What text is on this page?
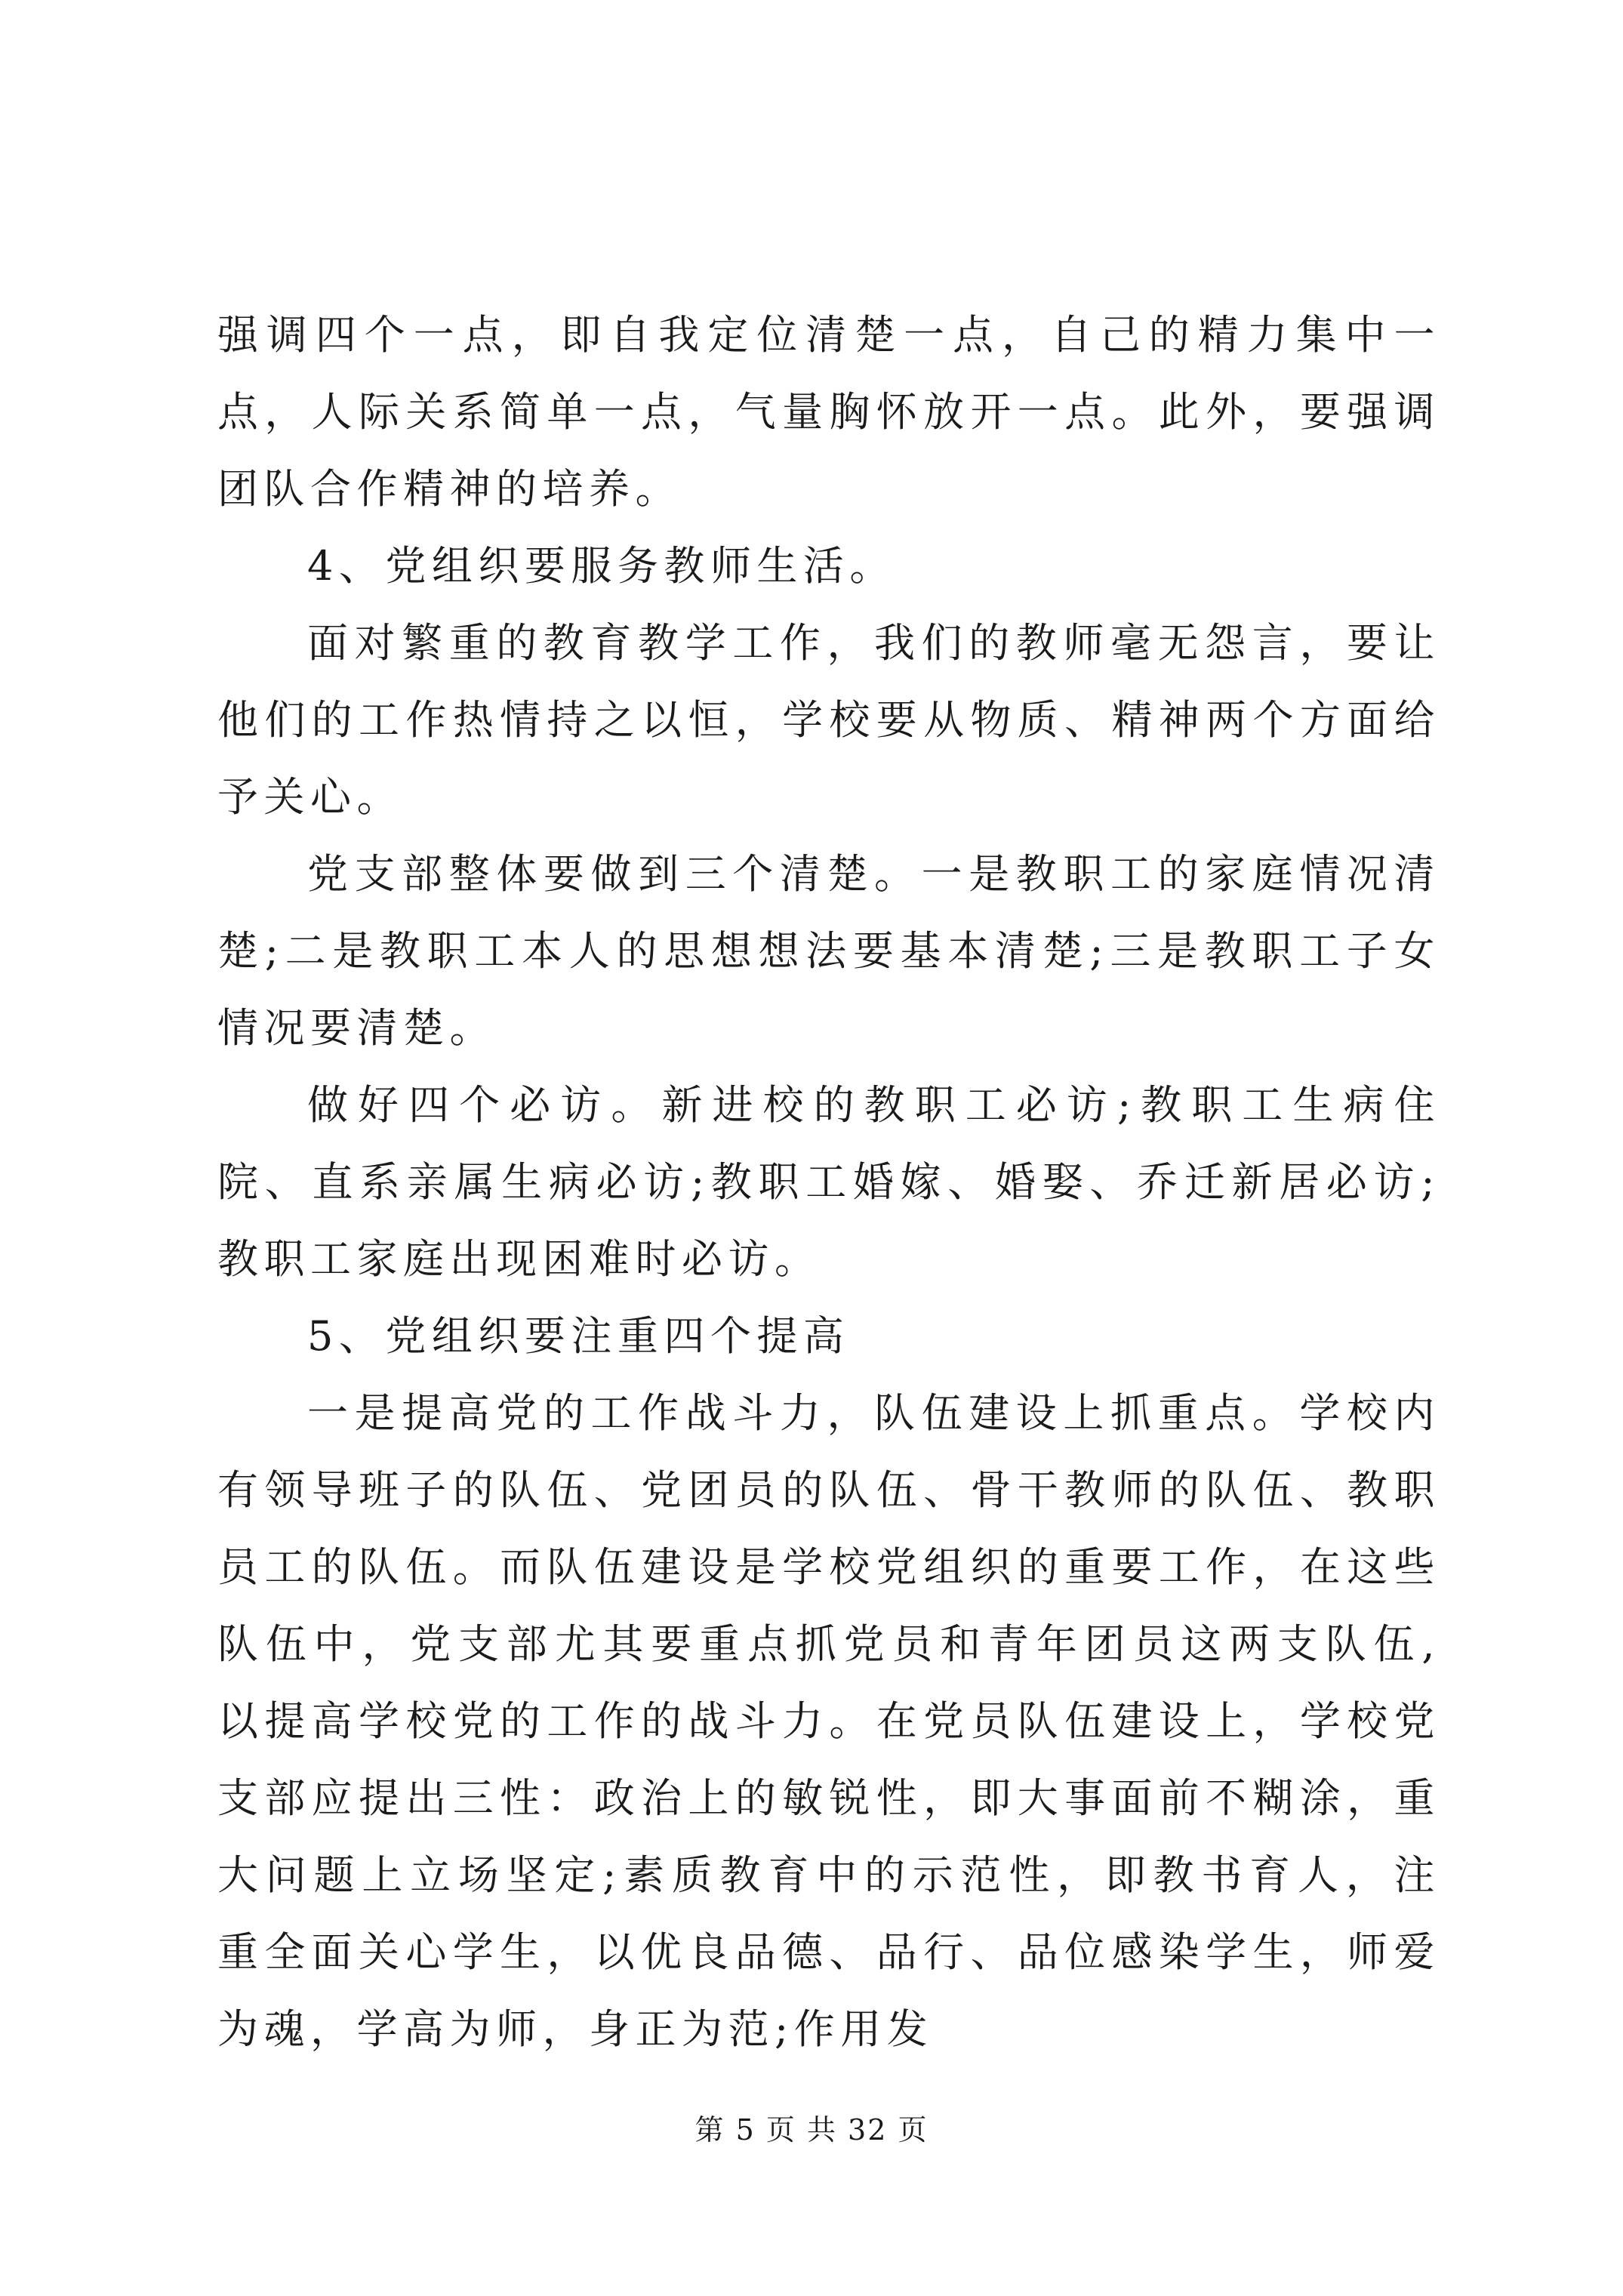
强调四个一点，即自我定位清楚一点，自己的精力集中一点，人际关系简单一点，气量胸怀放开一点。此外，要强调团队合作精神的培养。

4、党组织要服务教师生活。

面对繁重的教育教学工作，我们的教师毫无怨言，要让他们的工作热情持之以恒，学校要从物质、精神两个方面给予关心。

党支部整体要做到三个清楚。一是教职工的家庭情况清楚;二是教职工本人的思想想法要基本清楚;三是教职工子女情况要清楚。

做好四个必访。新进校的教职工必访;教职工生病住院、直系亲属生病必访;教职工婚嫁、婚娶、乔迁新居必访;教职工家庭出现困难时必访。

5、党组织要注重四个提高

一是提高党的工作战斗力，队伍建设上抓重点。学校内有领导班子的队伍、党团员的队伍、骨干教师的队伍、教职员工的队伍。而队伍建设是学校党组织的重要工作，在这些队伍中，党支部尤其要重点抓党员和青年团员这两支队伍,以提高学校党的工作的战斗力。在党员队伍建设上，学校党支部应提出三性：政治上的敏锐性，即大事面前不糊涂，重大问题上立场坚定;素质教育中的示范性，即教书育人，注重全面关心学生，以优良品德、品行、品位感染学生，师爱为魂，学高为师，身正为范;作用发

第 5 页 共 32 页
